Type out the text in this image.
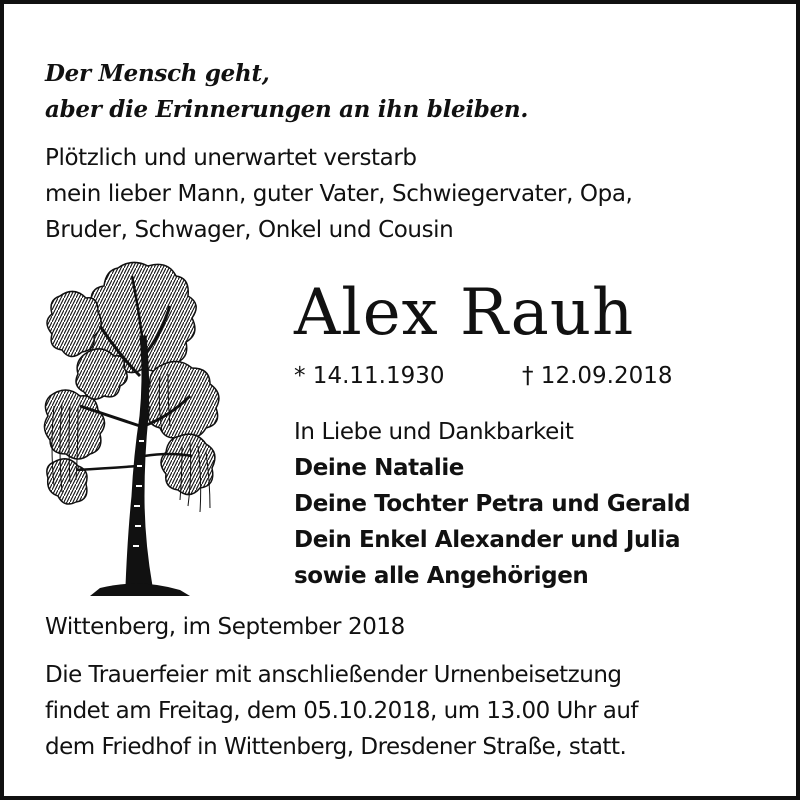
Der Mensch geht,
aber die Erinnerungen an ihn bleiben.
Plötzlich und unerwartet verstarb
mein lieber Mann, guter Vater, Schwiegervater, Opa,
Bruder, Schwager, Onkel und Cousin
Alex Rauh
* 14.11.1930	† 12.09.2018
In Liebe und Dankbarkeit
Deine Natalie
Deine Tochter Petra und Gerald
Dein Enkel Alexander und Julia
sowie alle Angehörigen
Wittenberg, im September 2018
Die Trauerfeier mit anschließender Urnenbeisetzung
findet am Freitag, dem 05.10.2018, um 13.00 Uhr auf
dem Friedhof in Wittenberg, Dresdener Straße, statt.
